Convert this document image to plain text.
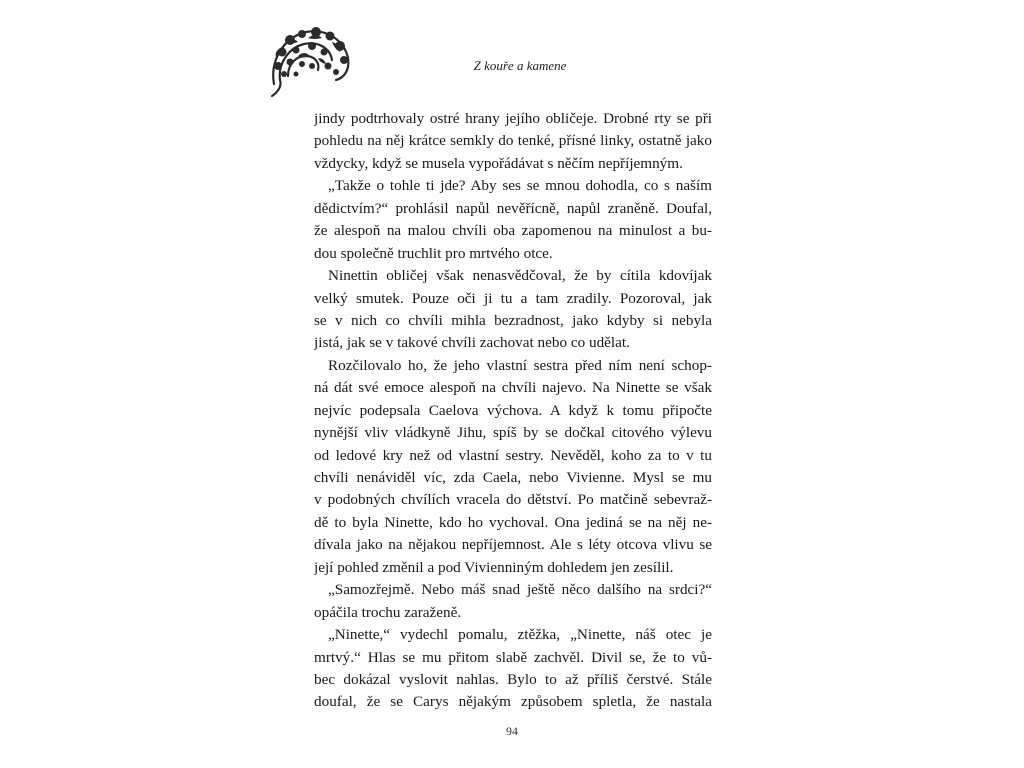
Z kouře a kamene
jindy podtrhovaly ostré hrany jejího obličeje. Drobné rty se při
pohledu na něj krátce semkly do tenké, přísné linky, ostatně jako
vždycky, když se musela vypořádávat s něčím nepříjemným.
„Takže o tohle ti jde? Aby ses se mnou dohodla, co s naším
dědictvím?“ prohlásil napůl nevěřícně, napůl zraněně. Doufal,
že alespoň na malou chvíli oba zapomenou na minulost a bu-
dou společně truchlit pro mrtvého otce.
Ninettin obličej však nenasvědčoval, že by cítila kdovíjak
velký smutek. Pouze oči ji tu a tam zradily. Pozoroval, jak
se v nich co chvíli mihla bezradnost, jako kdyby si nebyla
jistá, jak se v takové chvíli zachovat nebo co udělat.
Rozčilovalo ho, že jeho vlastní sestra před ním není schop-
ná dát své emoce alespoň na chvíli najevo. Na Ninette se však
nejvíc podepsala Caelova výchova. A když k tomu připočte
nynější vliv vládkyně Jihu, spíš by se dočkal citového výlevu
od ledové kry než od vlastní sestry. Nevěděl, koho za to v tu
chvíli nenáviděl víc, zda Caela, nebo Vivienne. Mysl se mu
v podobných chvílích vracela do dětství. Po matčině sebevraž-
dě to byla Ninette, kdo ho vychoval. Ona jediná se na něj ne-
dívala jako na nějakou nepříjemnost. Ale s léty otcova vlivu se
její pohled změnil a pod Vivienniným dohledem jen zesílil.
„Samozřejmě. Nebo máš snad ještě něco dalšího na srdci?“
opáčila trochu zaraženě.
„Ninette,“ vydechl pomalu, ztěžka, „Ninette, náš otec je
mrtvý.“ Hlas se mu přitom slabě zachvěl. Divil se, že to vů-
bec dokázal vyslovit nahlas. Bylo to až příliš čerstvé. Stále
doufal, že se Carys nějakým způsobem spletla, že nastala
94
